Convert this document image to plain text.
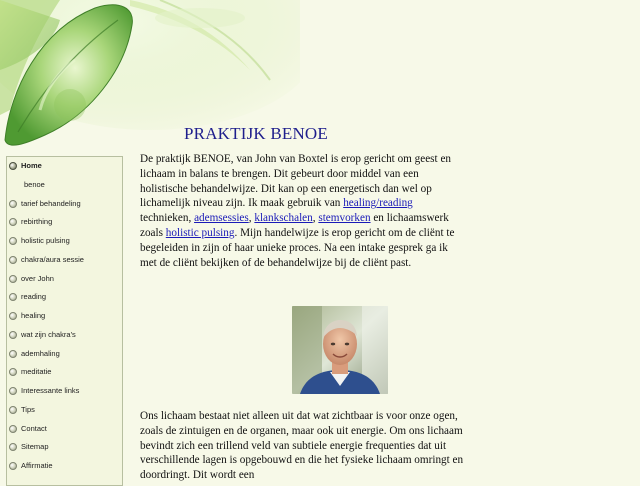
PRAKTIJK BENOE
Home
benoe
tarief behandeling
rebirthing
holistic pulsing
chakra/aura sessie
over John
reading
healing
wat zijn chakra's
ademhaling
meditatie
Interessante links
Tips
Contact
Sitemap
Affirmatie

De praktijk BENOE, van John van Boxtel is erop gericht om geest en lichaam in balans te brengen. Dit gebeurt door middel van een holistische behandelwijze. Dit kan op een energetisch dan wel op lichamelijk niveau zijn. Ik maak gebruik van healing/reading technieken, ademsessies, klankschalen, stemvorken en lichaamswerk zoals holistic pulsing. Mijn handelwijze is erop gericht om de cliënt te begeleiden in zijn of haar unieke proces. Na een intake gesprek ga ik met de cliënt bekijken of de behandelwijze bij de cliënt past.

Ons lichaam bestaat niet alleen uit dat wat zichtbaar is voor onze ogen, zoals de zintuigen en de organen, maar ook uit energie. Om ons lichaam bevindt zich een trillend veld van subtiele energie frequenties dat uit verschillende lagen is opgebouwd en die het fysieke lichaam omringt en doordringt. Dit wordt een
